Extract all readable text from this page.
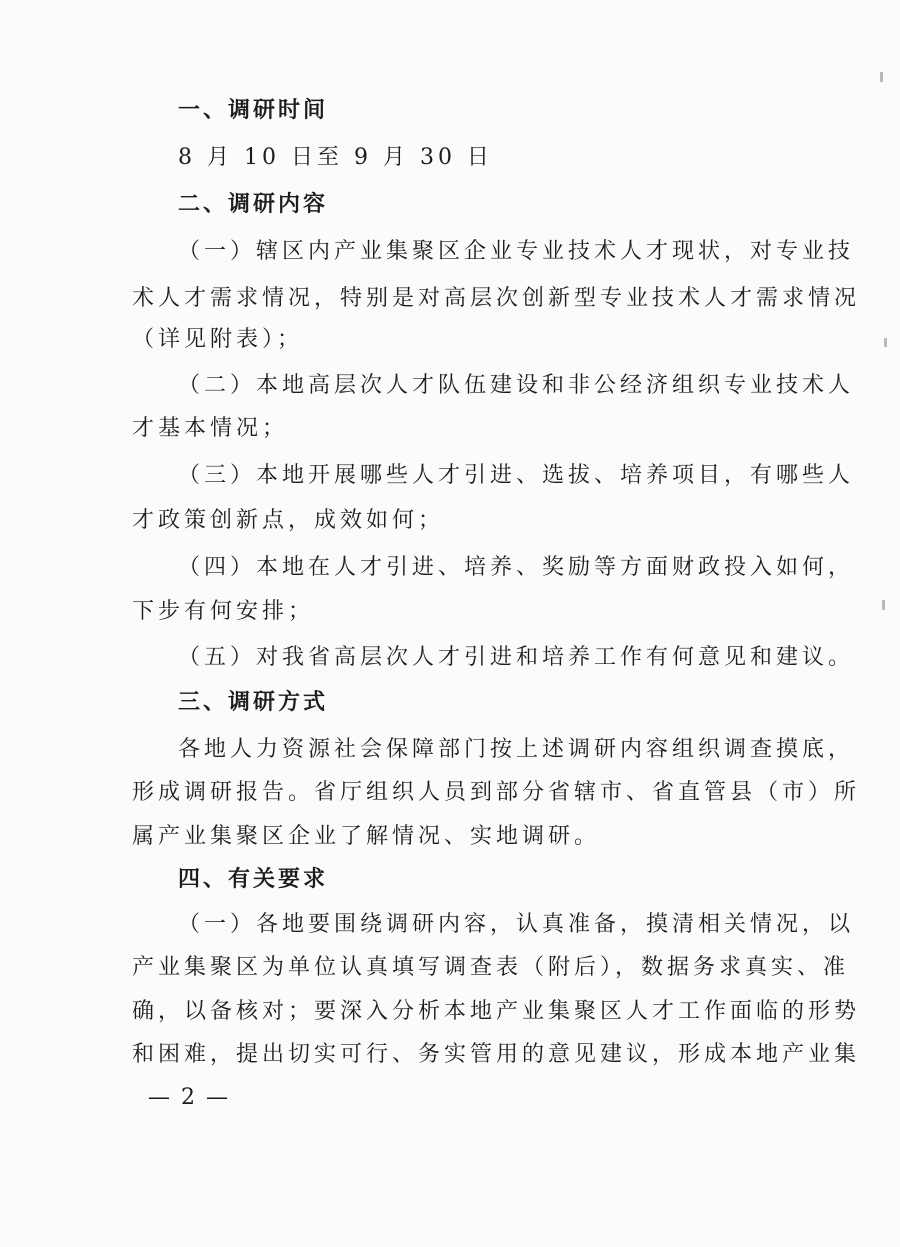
一、调研时间
8 月 10 日至 9 月 30 日
二、调研内容
（一）辖区内产业集聚区企业专业技术人才现状，对专业技
术人才需求情况，特别是对高层次创新型专业技术人才需求情况
（详见附表）；
（二）本地高层次人才队伍建设和非公经济组织专业技术人
才基本情况；
（三）本地开展哪些人才引进、选拔、培养项目，有哪些人
才政策创新点，成效如何；
（四）本地在人才引进、培养、奖励等方面财政投入如何，
下步有何安排；
（五）对我省高层次人才引进和培养工作有何意见和建议。
三、调研方式
各地人力资源社会保障部门按上述调研内容组织调查摸底，
形成调研报告。省厅组织人员到部分省辖市、省直管县（市）所
属产业集聚区企业了解情况、实地调研。
四、有关要求
（一）各地要围绕调研内容，认真准备，摸清相关情况，以
产业集聚区为单位认真填写调查表（附后），数据务求真实、准
确，以备核对；要深入分析本地产业集聚区人才工作面临的形势
和困难，提出切实可行、务实管用的意见建议，形成本地产业集
— 2 —
